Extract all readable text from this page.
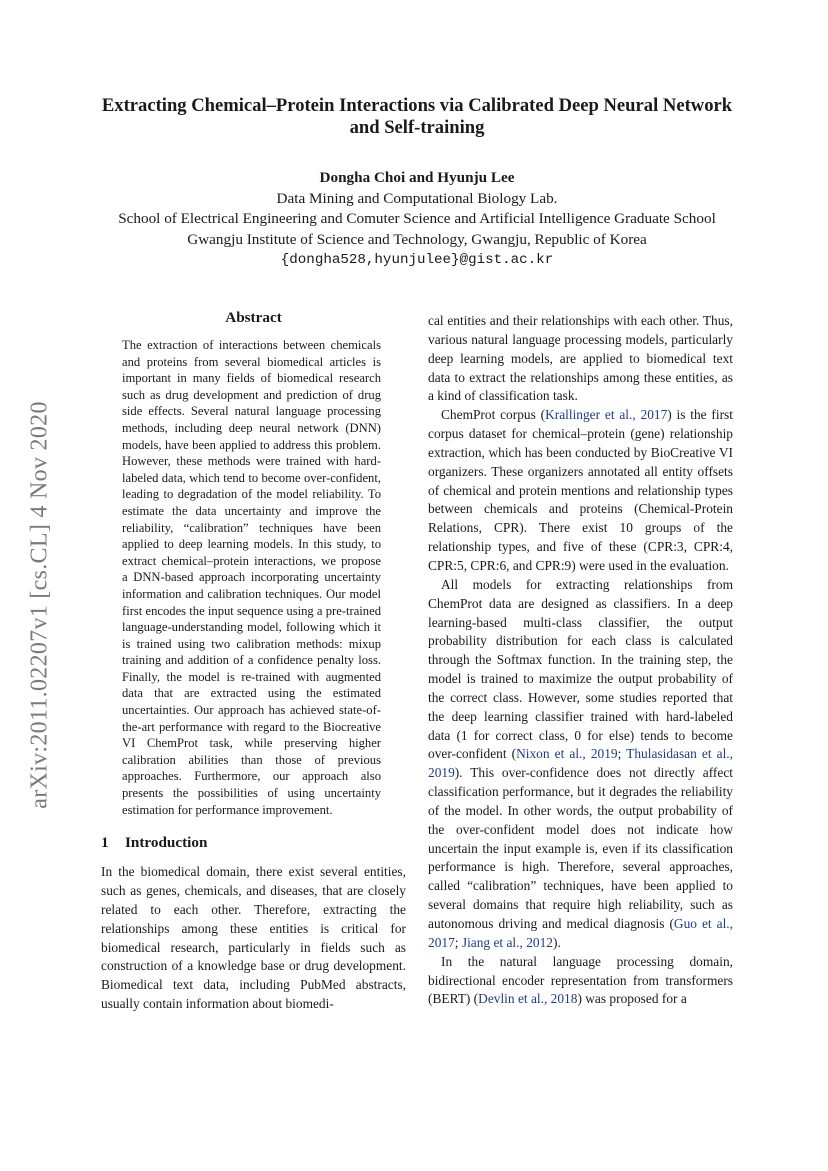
arXiv:2011.02207v1 [cs.CL] 4 Nov 2020
Extracting Chemical–Protein Interactions via Calibrated Deep Neural Network and Self-training
Dongha Choi and Hyunju Lee
Data Mining and Computational Biology Lab.
School of Electrical Engineering and Comuter Science and Artificial Intelligence Graduate School
Gwangju Institute of Science and Technology, Gwangju, Republic of Korea
{dongha528,hyunjulee}@gist.ac.kr
Abstract

The extraction of interactions between chemicals and proteins from several biomedical articles is important in many fields of biomedical research such as drug development and prediction of drug side effects. Several natural language processing methods, including deep neural network (DNN) models, have been applied to address this problem. However, these methods were trained with hard-labeled data, which tend to become over-confident, leading to degradation of the model reliability. To estimate the data uncertainty and improve the reliability, “calibration” techniques have been applied to deep learning models. In this study, to extract chemical–protein interactions, we propose a DNN-based approach incorporating uncertainty information and calibration techniques. Our model first encodes the input sequence using a pre-trained language-understanding model, following which it is trained using two calibration methods: mixup training and addition of a confidence penalty loss. Finally, the model is re-trained with augmented data that are extracted using the estimated uncertainties. Our approach has achieved state-of-the-art performance with regard to the Biocreative VI ChemProt task, while preserving higher calibration abilities than those of previous approaches. Furthermore, our approach also presents the possibilities of using uncertainty estimation for performance improvement.

1 Introduction

In the biomedical domain, there exist several entities, such as genes, chemicals, and diseases, that are closely related to each other. Therefore, extracting the relationships among these entities is critical for biomedical research, particularly in fields such as construction of a knowledge base or drug development. Biomedical text data, including PubMed abstracts, usually contain information about biomedi-

cal entities and their relationships with each other. Thus, various natural language processing models, particularly deep learning models, are applied to biomedical text data to extract the relationships among these entities, as a kind of classification task.

ChemProt corpus (Krallinger et al., 2017) is the first corpus dataset for chemical–protein (gene) relationship extraction, which has been conducted by BioCreative VI organizers. These organizers annotated all entity offsets of chemical and protein mentions and relationship types between chemicals and proteins (Chemical-Protein Relations, CPR). There exist 10 groups of the relationship types, and five of these (CPR:3, CPR:4, CPR:5, CPR:6, and CPR:9) were used in the evaluation.

All models for extracting relationships from ChemProt data are designed as classifiers. In a deep learning-based multi-class classifier, the output probability distribution for each class is calculated through the Softmax function. In the training step, the model is trained to maximize the output probability of the correct class. However, some studies reported that the deep learning classifier trained with hard-labeled data (1 for correct class, 0 for else) tends to become over-confident (Nixon et al., 2019; Thulasidasan et al., 2019). This over-confidence does not directly affect classification performance, but it degrades the reliability of the model. In other words, the output probability of the over-confident model does not indicate how uncertain the input example is, even if its classification performance is high. Therefore, several approaches, called “calibration” techniques, have been applied to several domains that require high reliability, such as autonomous driving and medical diagnosis (Guo et al., 2017; Jiang et al., 2012).

In the natural language processing domain, bidirectional encoder representation from transformers (BERT) (Devlin et al., 2018) was proposed for a
